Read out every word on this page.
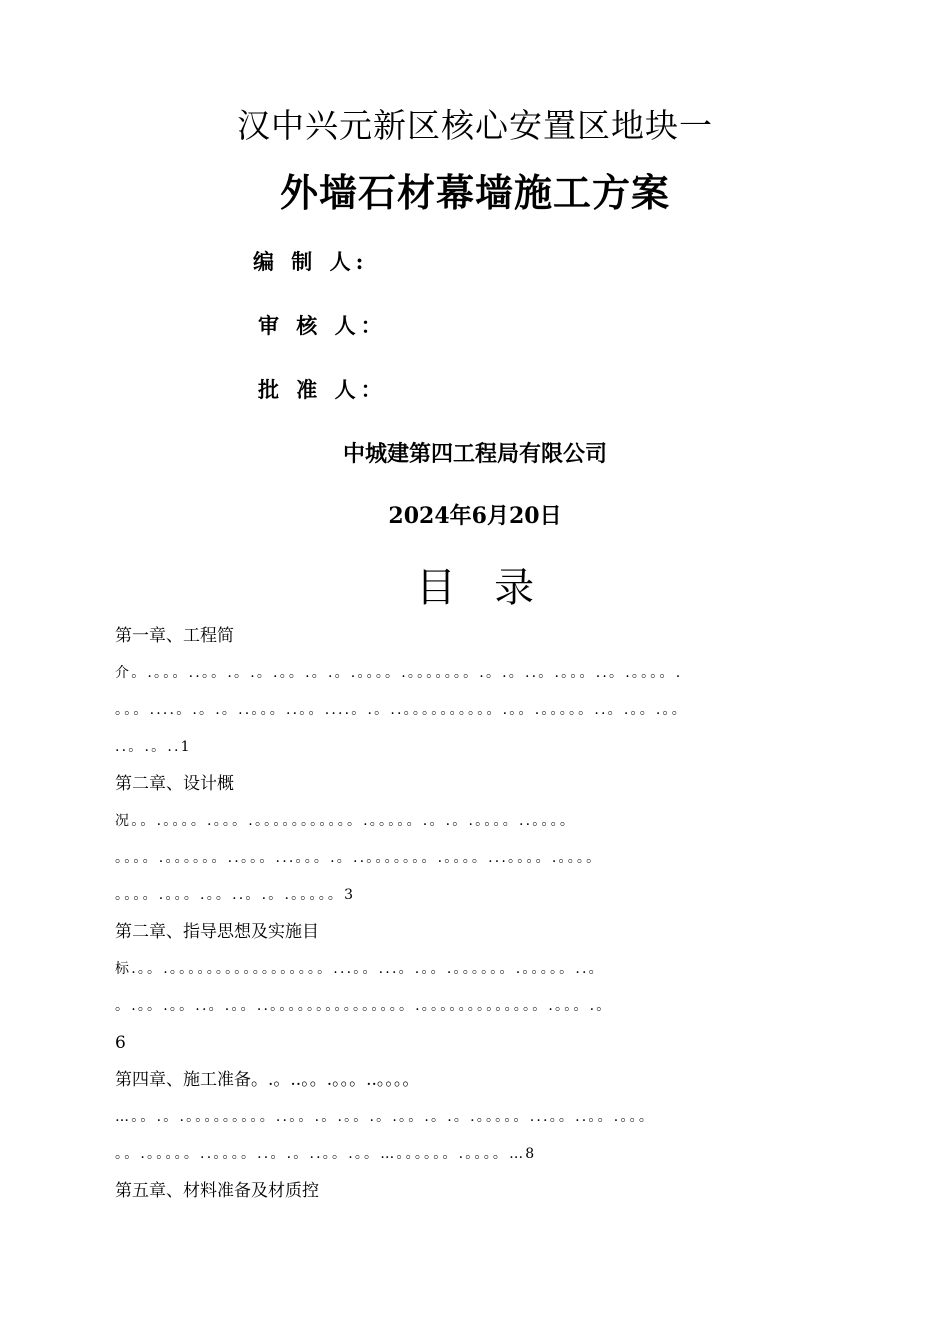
汉中兴元新区核心安置区地块一
外墙石材幕墙施工方案
编 制 人:
审 核 人：
批 准 人：
中城建第四工程局有限公司
2024年6月20日
目   录
第一章、工程简
介。.。。。..。。.。.。.。。.。.。.。。。。.。。。。。。。.。.。..。.。。。..。.。。。。.
。。。....。.。.。..。。。..。。....。.。..。。。。。。。。。。.。。.。。。。。..。.。。.。。
..。.。..1
第二章、设计概
况。。.。。。。.。。。.。。。。。。。。。。。.。。。。。.。.。.。。。。..。。。。
。。。。.。。。。。。..。。。...。。。.。..。。。。。。。.。。。。...。。。。.。。。。
。。。。.。。。.。。..。.。.。。。。。3
第二章、指导思想及实施目
标.。。.。。。。。。。。。。。。。。。。。...。。...。.。。.。。。。。。.。。。。。..。
。.。。.。。..。.。。..。。。。。。。。。。。。。。。.。。。。。。。。。。。。。.。。。.。
6
第四章、施工准备。.。..。。.。。。..。。。。
…。。.。.。。。。。。。。。..。。.。.。。.。.。。.。.。.。。。。。...。。..。。.。。。
。。.。。。。。..。。。。..。.。..。。.。。…。。。。。。.。。。。…8
第五章、材料准备及材质控
